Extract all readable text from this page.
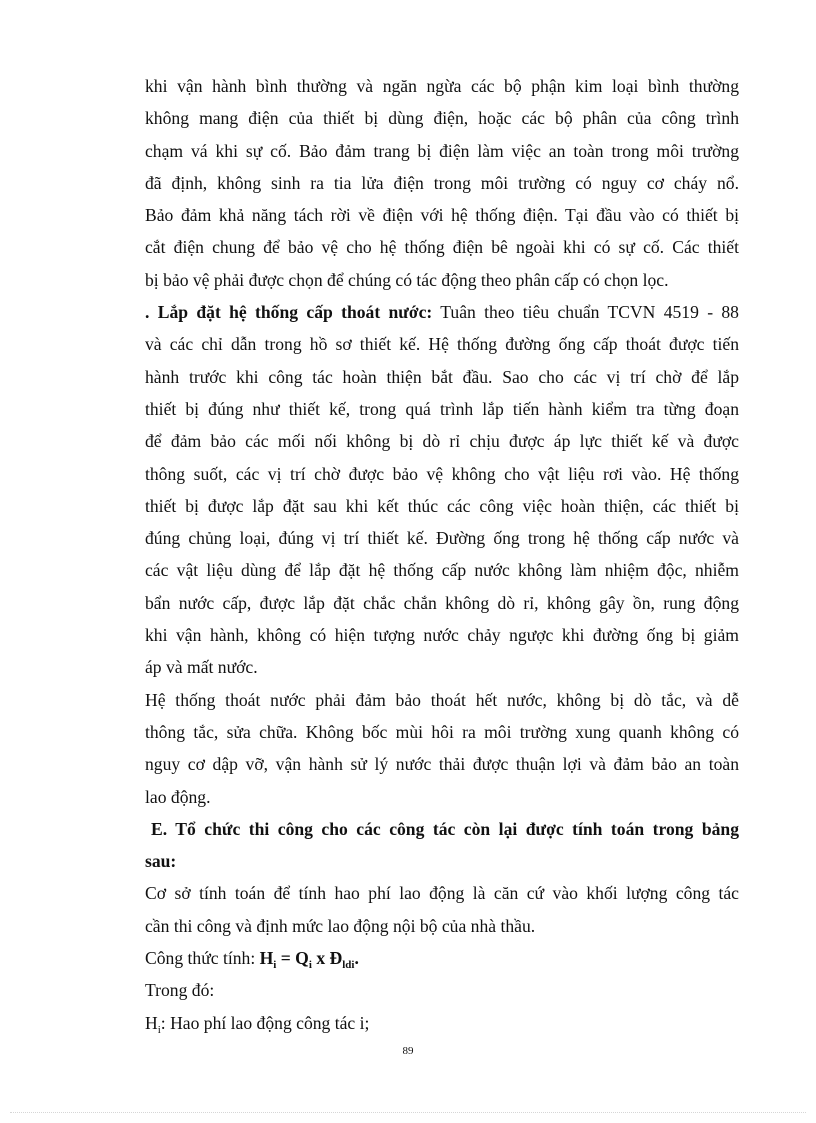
khi vận hành bình thường và ngăn ngừa các bộ phận kim loại bình thường
không mang điện của thiết bị dùng điện, hoặc các bộ phân của công trình
chạm vá khi sự cố. Bảo đảm trang bị điện làm việc an toàn trong môi trường
đã định, không sinh ra tia lửa điện trong môi trường có nguy cơ cháy nổ.
Bảo đảm khả năng tách rời về điện với hệ thống điện. Tại đầu vào có thiết bị
cắt điện chung để bảo vệ cho hệ thống điện bê ngoài khi có sự cố. Các thiết
bị bảo vệ phải được chọn để chúng có tác động theo phân cấp có chọn lọc.
. Lắp đặt hệ thống cấp thoát nước: Tuân theo tiêu chuẩn TCVN 4519 - 88
và các chỉ dẫn trong hồ sơ thiết kế. Hệ thống đường ống cấp thoát được tiến
hành trước khi công tác hoàn thiện bắt đầu. Sao cho các vị trí chờ để lắp
thiết bị đúng như thiết kế, trong quá trình lắp tiến hành kiểm tra từng đoạn
để đảm bảo các mối nối không bị dò rỉ chịu được áp lực thiết kế và được
thông suốt, các vị trí chờ được bảo vệ không cho vật liệu rơi vào. Hệ thống
thiết bị được lắp đặt sau khi kết thúc các công việc hoàn thiện, các thiết bị
đúng chủng loại, đúng vị trí thiết kế. Đường ống trong hệ thống cấp nước và
các vật liệu dùng để lắp đặt hệ thống cấp nước không làm nhiệm độc, nhiễm
bẩn nước cấp, được lắp đặt chắc chắn không dò rỉ, không gây ồn, rung động
khi vận hành, không có hiện tượng nước chảy ngược khi đường ống bị giảm
áp và mất nước.
Hệ thống thoát nước phải đảm bảo thoát hết nước, không bị dò tắc, và dễ
thông tắc, sửa chữa. Không bốc mùi hôi ra môi trường xung quanh không có
nguy cơ dập vỡ, vận hành sử lý nước thải được thuận lợi và đảm bảo an toàn
lao động.
E. Tổ chức thi công cho các công tác còn lại được tính toán trong bảng
sau:
Cơ sở tính toán để tính hao phí lao động là căn cứ vào khối lượng công tác
cần thi công và định mức lao động nội bộ của nhà thầu.
Công thức tính: $H_i = Q_i$ x $Đ_{ldi}$.
Trong đó:
$H_i$: Hao phí lao động công tác i;
89
